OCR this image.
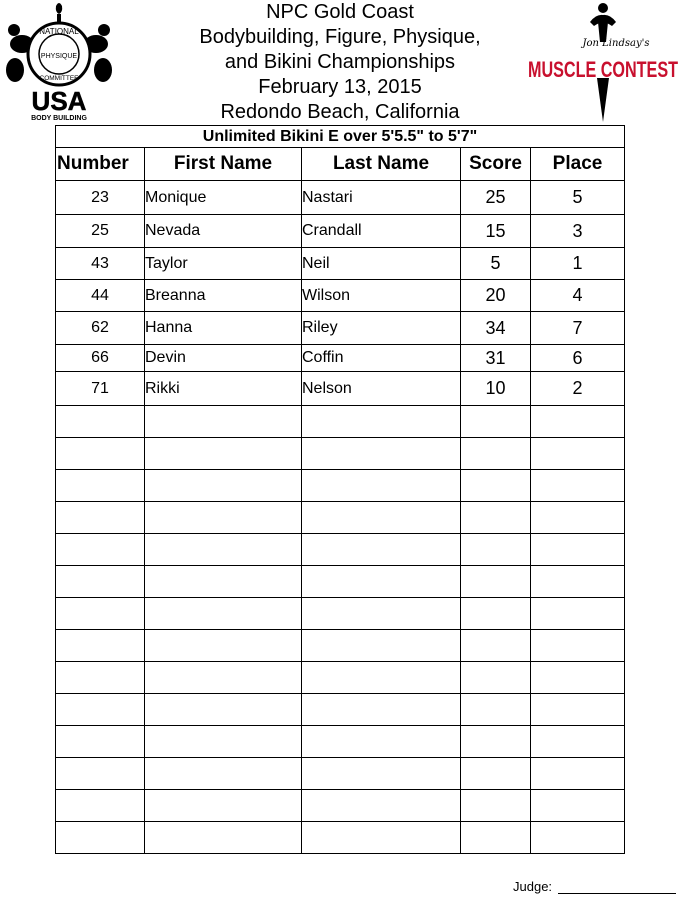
NATIONAL
PHYSIQUE
COMMITTEE
USA
BODY BUILDING
NPC Gold Coast
Bodybuilding, Figure, Physique,
and Bikini Championships
February 13, 2015
Redondo Beach, California
Jon Lindsay's
MUSCLE CONTEST
Unlimited Bikini E over 5'5.5" to 5'7"				
Number	First Name	Last Name	Score	Place
23	Monique	Nastari	25	5
25	Nevada	Crandall	15	3
43	Taylor	Neil	5	1
44	Breanna	Wilson	20	4
62	Hanna	Riley	34	7
66	Devin	Coffin	31	6
71	Rikki	Nelson	10	2

Judge:
